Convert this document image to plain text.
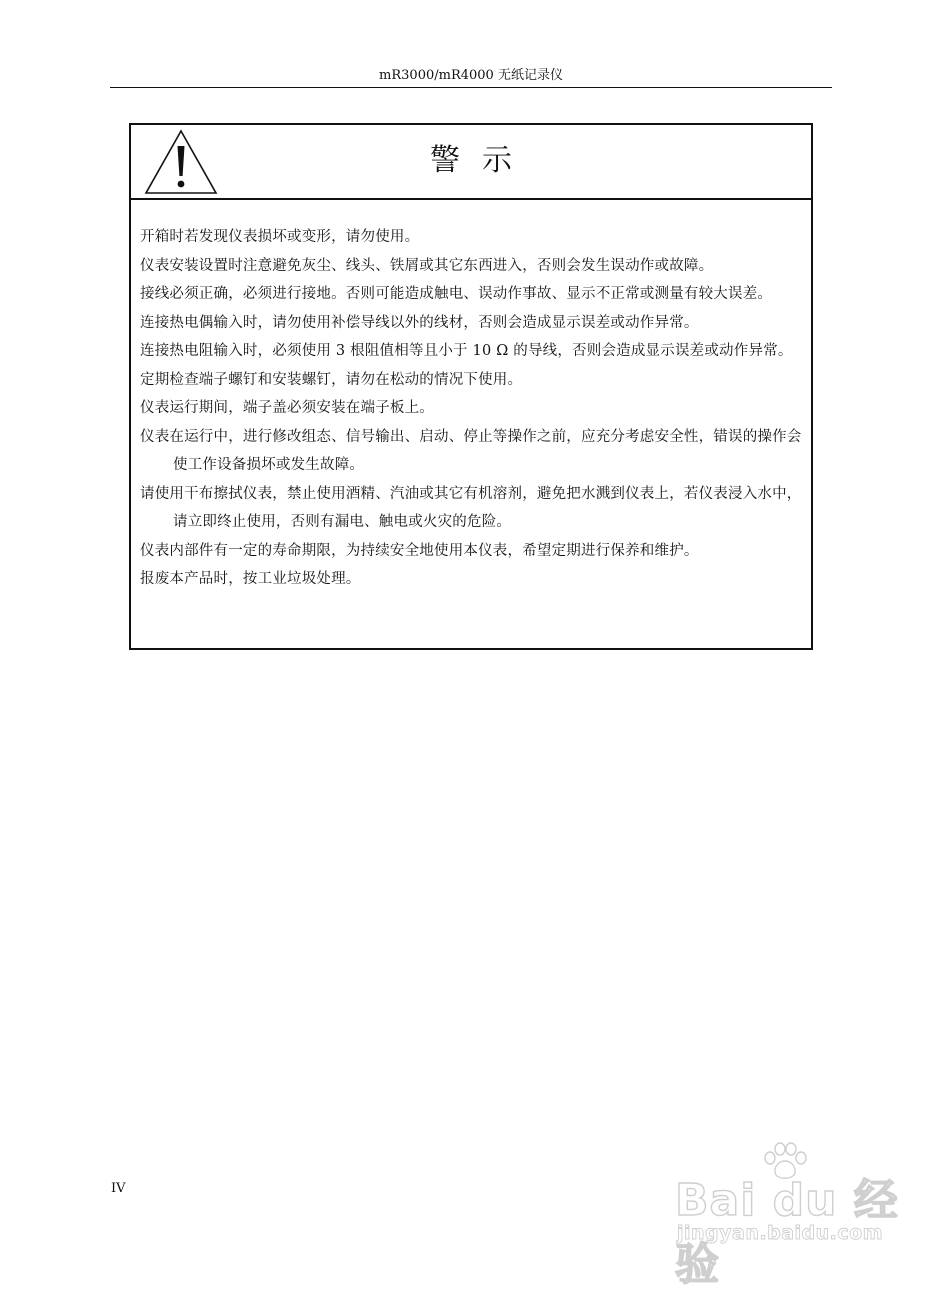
mR3000/mR4000 无纸记录仪
警示
开箱时若发现仪表损坏或变形，请勿使用。
仪表安装设置时注意避免灰尘、线头、铁屑或其它东西进入，否则会发生误动作或故障。
接线必须正确，必须进行接地。否则可能造成触电、误动作事故、显示不正常或测量有较大误差。
连接热电偶输入时，请勿使用补偿导线以外的线材，否则会造成显示误差或动作异常。
连接热电阻输入时，必须使用 3 根阻值相等且小于 10 Ω 的导线，否则会造成显示误差或动作异常。
定期检查端子螺钉和安装螺钉，请勿在松动的情况下使用。
仪表运行期间，端子盖必须安装在端子板上。
仪表在运行中，进行修改组态、信号输出、启动、停止等操作之前，应充分考虑安全性，错误的操作会使工作设备损坏或发生故障。
请使用干布擦拭仪表，禁止使用酒精、汽油或其它有机溶剂，避免把水溅到仪表上，若仪表浸入水中，请立即终止使用，否则有漏电、触电或火灾的危险。
仪表内部件有一定的寿命期限，为持续安全地使用本仪表，希望定期进行保养和维护。
报废本产品时，按工业垃圾处理。
IV	Bai du 经验
jingyan.baidu.com
